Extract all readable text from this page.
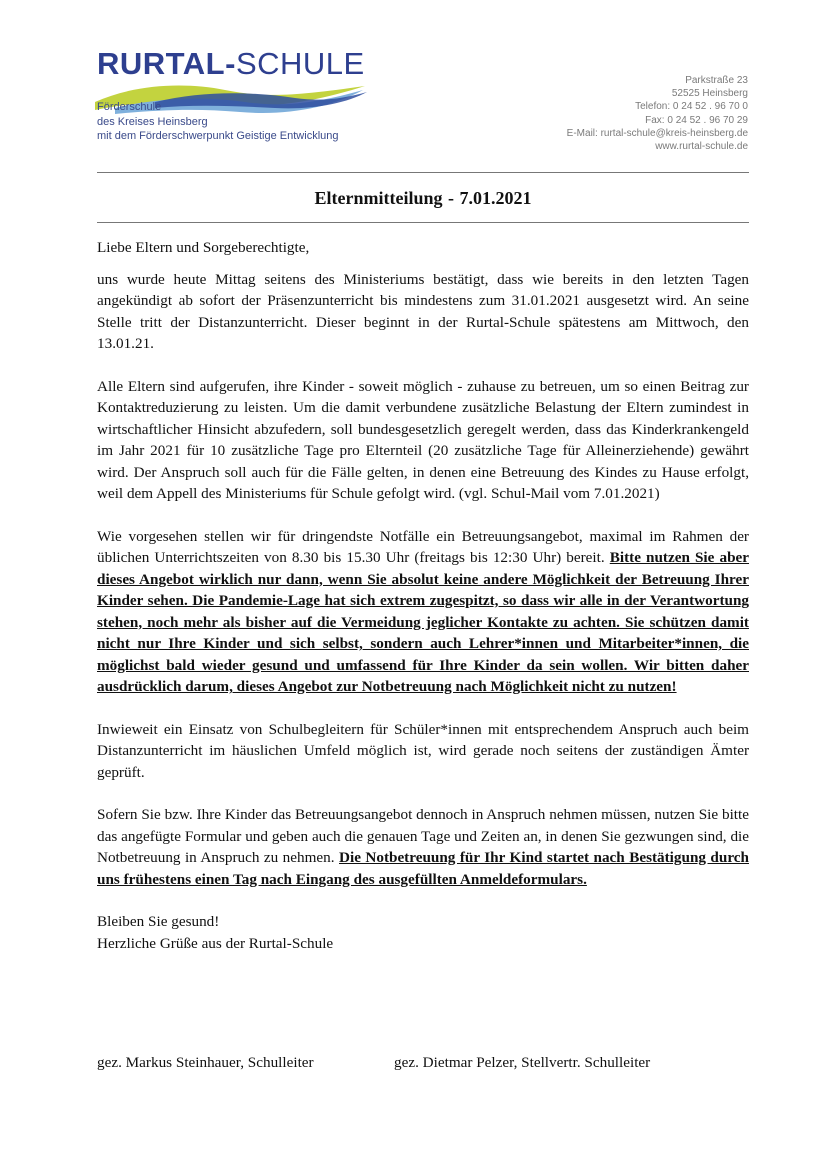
RURTAL-SCHULE
Förderschule
des Kreises Heinsberg
mit dem Förderschwerpunkt Geistige Entwicklung
Parkstraße 23
52525 Heinsberg
Telefon: 0 24 52 . 96 70 0
Fax: 0 24 52 . 96 70 29
E-Mail: rurtal-schule@kreis-heinsberg.de
www.rurtal-schule.de
Elternmitteilung - 7.01.2021

Liebe Eltern und Sorgeberechtigte,

uns wurde heute Mittag seitens des Ministeriums bestätigt, dass wie bereits in den letzten Tagen angekündigt ab sofort der Präsenzunterricht bis mindestens zum 31.01.2021 ausgesetzt wird. An seine Stelle tritt der Distanzunterricht. Dieser beginnt in der Rurtal-Schule spätestens am Mittwoch, den 13.01.21.

Alle Eltern sind aufgerufen, ihre Kinder - soweit möglich - zuhause zu betreuen, um so einen Beitrag zur Kontaktreduzierung zu leisten. Um die damit verbundene zusätzliche Belastung der Eltern zumindest in wirtschaftlicher Hinsicht abzufedern, soll bundesgesetzlich geregelt werden, dass das Kinderkrankengeld im Jahr 2021 für 10 zusätzliche Tage pro Elternteil (20 zusätzliche Tage für Alleinerziehende) gewährt wird. Der Anspruch soll auch für die Fälle gelten, in denen eine Betreuung des Kindes zu Hause erfolgt, weil dem Appell des Ministeriums für Schule gefolgt wird. (vgl. Schul-Mail vom 7.01.2021)

Wie vorgesehen stellen wir für dringendste Notfälle ein Betreuungsangebot, maximal im Rahmen der üblichen Unterrichtszeiten von 8.30 bis 15.30 Uhr (freitags bis 12:30 Uhr) bereit. Bitte nutzen Sie aber dieses Angebot wirklich nur dann, wenn Sie absolut keine andere Möglichkeit der Betreuung Ihrer Kinder sehen. Die Pandemie-Lage hat sich extrem zugespitzt, so dass wir alle in der Verantwortung stehen, noch mehr als bisher auf die Vermeidung jeglicher Kontakte zu achten. Sie schützen damit nicht nur Ihre Kinder und sich selbst, sondern auch Lehrer*innen und Mitarbeiter*innen, die möglichst bald wieder gesund und umfassend für Ihre Kinder da sein wollen. Wir bitten daher ausdrücklich darum, dieses Angebot zur Notbetreuung nach Möglichkeit nicht zu nutzen!

Inwieweit ein Einsatz von Schulbegleitern für Schüler*innen mit entsprechendem Anspruch auch beim Distanzunterricht im häuslichen Umfeld möglich ist, wird gerade noch seitens der zuständigen Ämter geprüft.

Sofern Sie bzw. Ihre Kinder das Betreuungsangebot dennoch in Anspruch nehmen müssen, nutzen Sie bitte das angefügte Formular und geben auch die genauen Tage und Zeiten an, in denen Sie gezwungen sind, die Notbetreuung in Anspruch zu nehmen. Die Notbetreuung für Ihr Kind startet nach Bestätigung durch uns frühestens einen Tag nach Eingang des ausgefüllten Anmeldeformulars.

Bleiben Sie gesund!

Herzliche Grüße aus der Rurtal-Schule

gez. Markus Steinhauer, Schulleiter	gez. Dietmar Pelzer, Stellvertr. Schulleiter
